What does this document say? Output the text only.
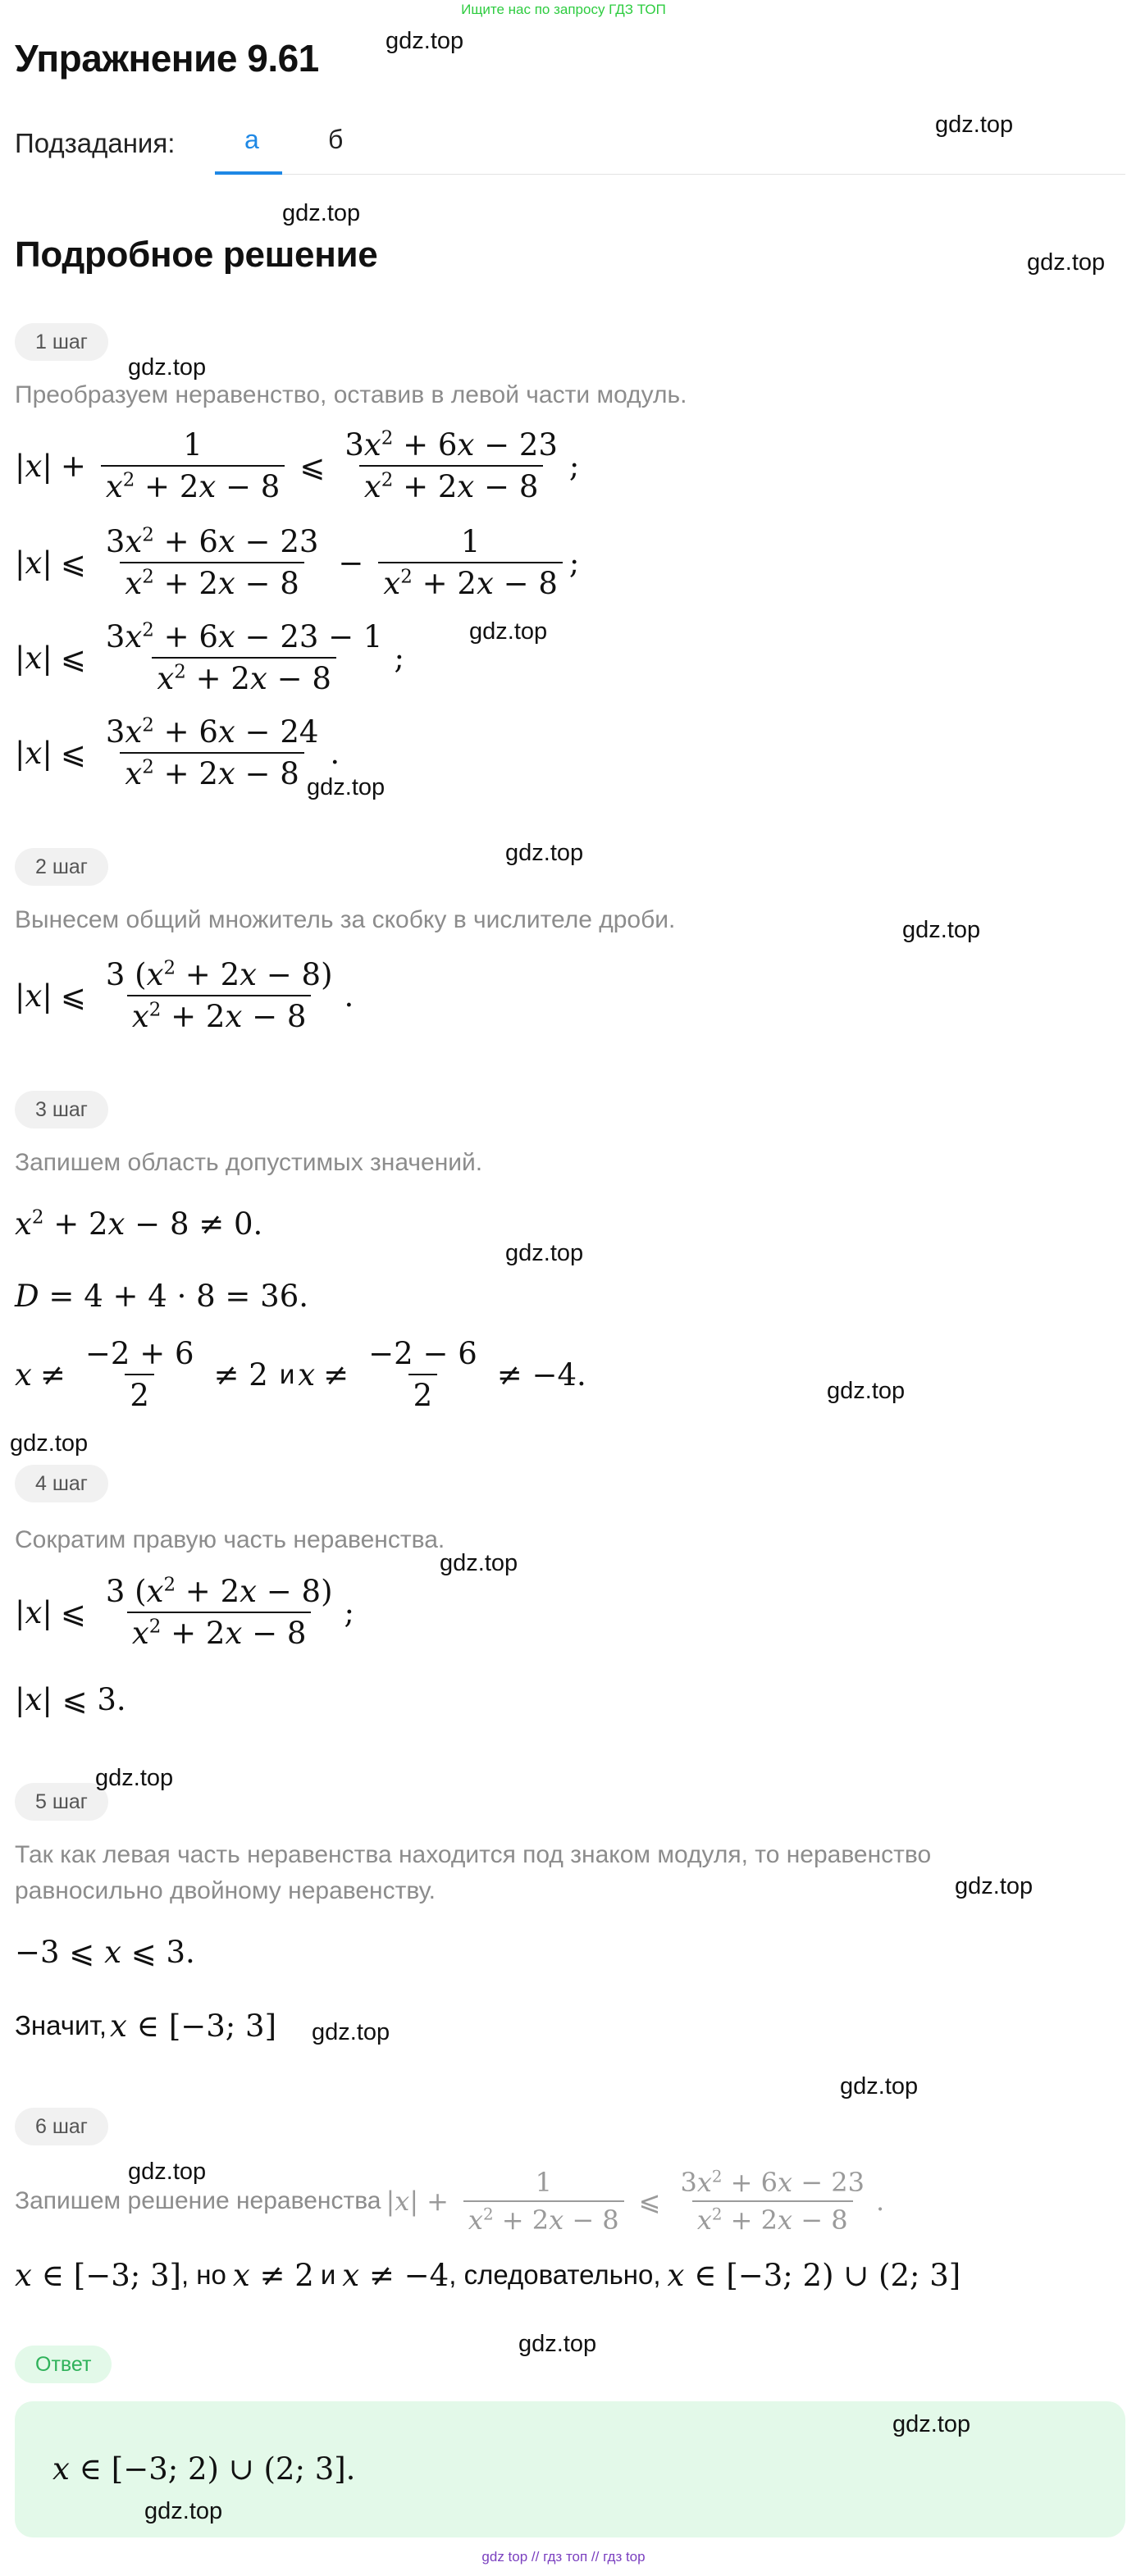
Ищите нас по запросу ГДЗ ТОП
Упражнение 9.61
Подзадания:	а	б
Подробное решение
1 шаг
Преобразуем неравенство, оставив в левой части модуль.
$|x| + \frac{1}{x^2 + 2x - 8}$ ⩽ $\frac{3x^2 + 6x - 23}{x^2 + 2x - 8}$ ;
|x| ⩽ $\frac{3x^2 + 6x - 23}{x^2 + 2x - 8} - \frac{1}{x^2 + 2x - 8}$ ;
|x| ⩽ $\frac{3x^2 + 6x - 23 - 1}{x^2 + 2x - 8}$ ;
|x| ⩽ $\frac{3x^2 + 6x - 24}{x^2 + 2x - 8}$ .
2 шаг
Вынесем общий множитель за скобку в числителе дроби.
|x| ⩽ $\frac{3 (x^2 + 2x - 8)}{x^2 + 2x - 8}$ .
3 шаг
Запишем область допустимых значений.
$x^2 + 2x - 8 \ne 0$.
D = 4 + 4 · 8 = 36.
$x \ne \frac{-2 + 6}{2} \ne 2$ и $x \ne \frac{-2 - 6}{2} \ne -4$.
4 шаг
Сократим правую часть неравенства.
|x| ⩽ $\frac{3 (x^2 + 2x - 8)}{x^2 + 2x - 8}$ ;
|x| ⩽ 3.
5 шаг
Так как левая часть неравенства находится под знаком модуля, то неравенство равносильно двойному неравенству.
−3 ⩽ x ⩽ 3.
Значит, x ∈ [−3; 3]
6 шаг
Запишем решение неравенства $|x| + \frac{1}{x^2 + 2x - 8}$ ⩽ $\frac{3x^2 + 6x - 23}{x^2 + 2x - 8}$ .
x ∈ [−3; 3] , но x ≠ 2 и x ≠ −4 , следовательно, x ∈ [−3; 2) ∪ (2; 3]
Ответ
x ∈ [−3; 2) ∪ (2; 3].
gdz.top
gdz.top
gdz.top
gdz.top
gdz.top
gdz.top
gdz.top
gdz.top
gdz.top
gdz.top
gdz.top
gdz.top
gdz.top
gdz.top
gdz.top
gdz.top
gdz.top
gdz.top
gdz.top
gdz.top
gdz.top
gdz top // гдз топ // гдз top
